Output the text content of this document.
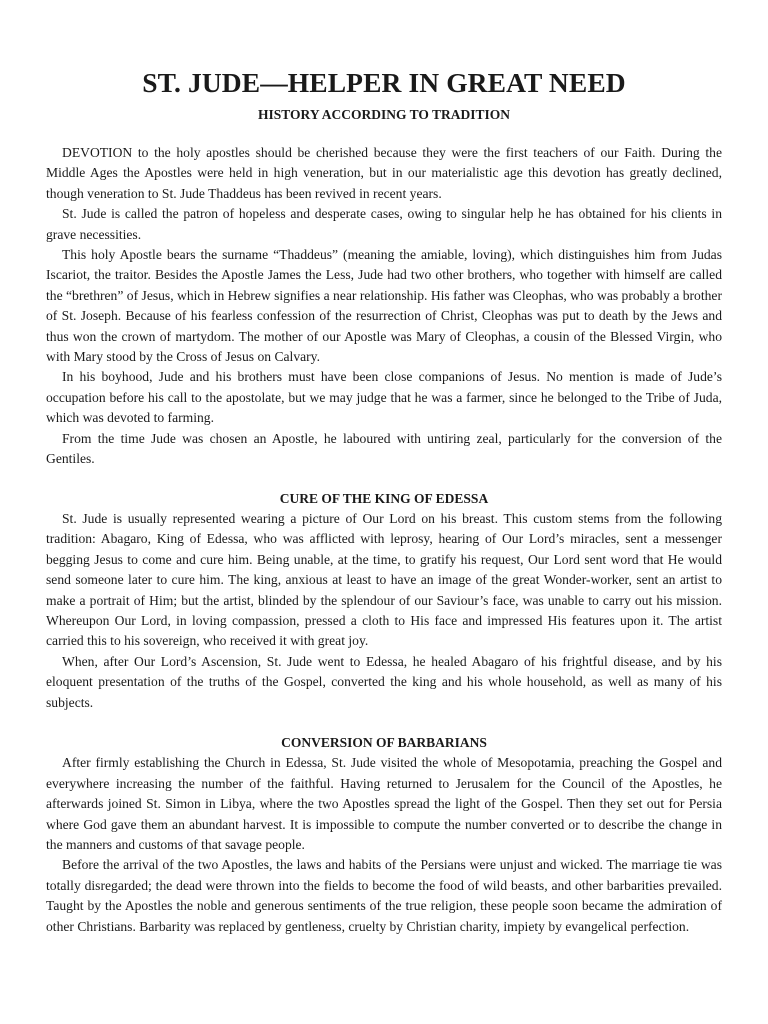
ST. JUDE—HELPER IN GREAT NEED
HISTORY ACCORDING TO TRADITION

DEVOTION to the holy apostles should be cherished because they were the first teachers of our Faith. During the Middle Ages the Apostles were held in high veneration, but in our materialistic age this devotion has greatly declined, though veneration to St. Jude Thaddeus has been revived in recent years.

St. Jude is called the patron of hopeless and desperate cases, owing to singular help he has obtained for his clients in grave necessities.

This holy Apostle bears the surname “Thaddeus” (meaning the amiable, loving), which distinguishes him from Judas Iscariot, the traitor. Besides the Apostle James the Less, Jude had two other brothers, who together with himself are called the “brethren” of Jesus, which in Hebrew signifies a near relationship. His father was Cleophas, who was probably a brother of St. Joseph. Because of his fearless confession of the resurrection of Christ, Cleophas was put to death by the Jews and thus won the crown of martydom. The mother of our Apostle was Mary of Cleophas, a cousin of the Blessed Virgin, who with Mary stood by the Cross of Jesus on Calvary.

In his boyhood, Jude and his brothers must have been close companions of Jesus. No mention is made of Jude’s occupation before his call to the apostolate, but we may judge that he was a farmer, since he belonged to the Tribe of Juda, which was devoted to farming.

From the time Jude was chosen an Apostle, he laboured with untiring zeal, particularly for the conversion of the Gentiles.

CURE OF THE KING OF EDESSA

St. Jude is usually represented wearing a picture of Our Lord on his breast. This custom stems from the following tradition: Abagaro, King of Edessa, who was afflicted with leprosy, hearing of Our Lord’s miracles, sent a messenger begging Jesus to come and cure him. Being unable, at the time, to gratify his request, Our Lord sent word that He would send someone later to cure him. The king, anxious at least to have an image of the great Wonder-worker, sent an artist to make a portrait of Him; but the artist, blinded by the splendour of our Saviour’s face, was unable to carry out his mission. Whereupon Our Lord, in loving compassion, pressed a cloth to His face and impressed His features upon it. The artist carried this to his sovereign, who received it with great joy.

When, after Our Lord’s Ascension, St. Jude went to Edessa, he healed Abagaro of his frightful disease, and by his eloquent presentation of the truths of the Gospel, converted the king and his whole household, as well as many of his subjects.

CONVERSION OF BARBARIANS

After firmly establishing the Church in Edessa, St. Jude visited the whole of Mesopotamia, preaching the Gospel and everywhere increasing the number of the faithful. Having returned to Jerusalem for the Council of the Apostles, he afterwards joined St. Simon in Libya, where the two Apostles spread the light of the Gospel. Then they set out for Persia where God gave them an abundant harvest. It is impossible to compute the number converted or to describe the change in the manners and customs of that savage people.

Before the arrival of the two Apostles, the laws and habits of the Persians were unjust and wicked. The marriage tie was totally disregarded; the dead were thrown into the fields to become the food of wild beasts, and other barbarities prevailed. Taught by the Apostles the noble and generous sentiments of the true religion, these people soon became the admiration of other Christians. Barbarity was replaced by gentleness, cruelty by Christian charity, impiety by evangelical perfection.
